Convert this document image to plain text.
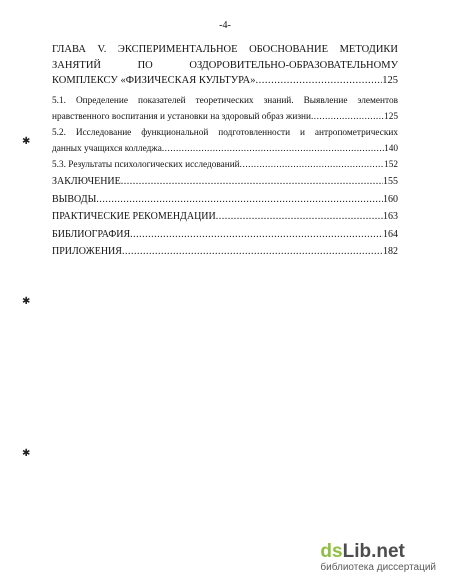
-4-
ГЛАВА V. ЭКСПЕРИМЕНТАЛЬНОЕ ОБОСНОВАНИЕ МЕТОДИКИ
ЗАНЯТИЙ ПО ОЗДОРОВИТЕЛЬНО-ОБРАЗОВАТЕЛЬНОМУ
КОМПЛЕКСУ «ФИЗИЧЕСКАЯ КУЛЬТУРА» .....	125
5.1. Определение показателей теоретических знаний. Выявление элементов
нравственного воспитания и установки на здоровый образ жизни .....	125
5.2. Исследование функциональной подготовленности и антропометрических
данных учащихся колледжа .....	140
5.3. Результаты психологических исследований .....	152
ЗАКЛЮЧЕНИЕ .....	155
ВЫВОДЫ .....	160
ПРАКТИЧЕСКИЕ РЕКОМЕНДАЦИИ .....	163
БИБЛИОГРАФИЯ .....	164
ПРИЛОЖЕНИЯ .....	182
✱
✱
✱
dsLib.net
библиотека диссертаций
